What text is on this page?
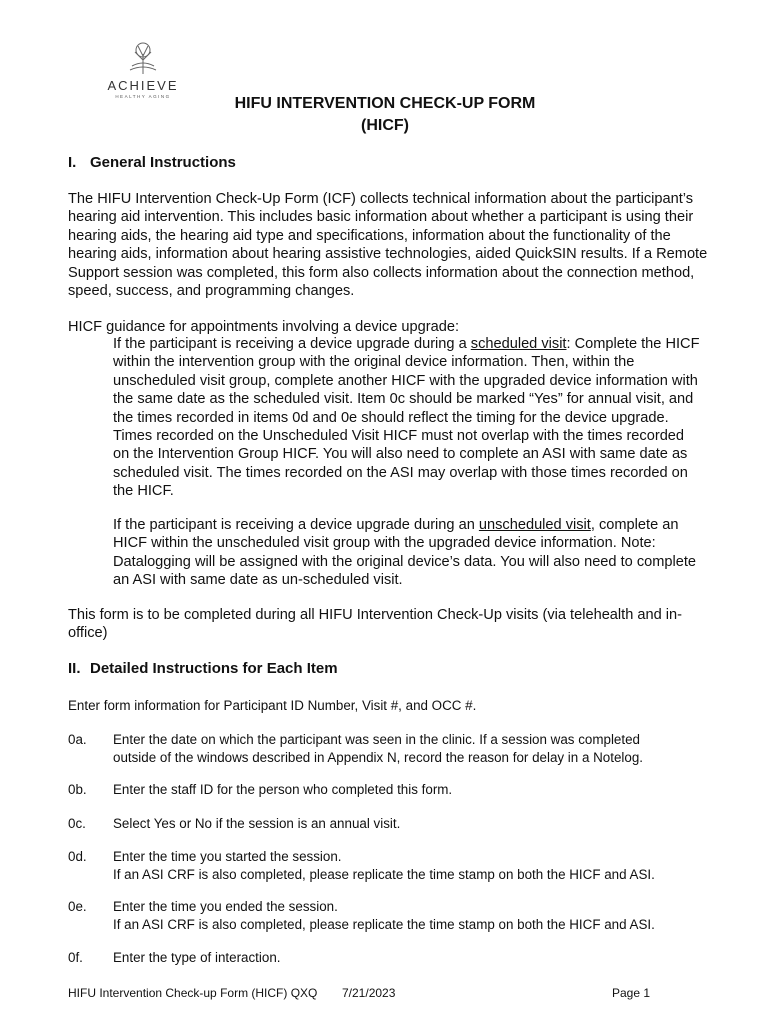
ACHIEVE
HEALTHY AGING	HIFU INTERVENTION CHECK-UP FORM
(HICF)
I. General Instructions

The HIFU Intervention Check-Up Form (ICF) collects technical information about the participant’s hearing aid intervention. This includes basic information about whether a participant is using their hearing aids, the hearing aid type and specifications, information about the functionality of the hearing aids, information about hearing assistive technologies, aided QuickSIN results. If a Remote Support session was completed, this form also collects information about the connection method, speed, success, and programming changes.

HICF guidance for appointments involving a device upgrade:

If the participant is receiving a device upgrade during a scheduled visit: Complete the HICF within the intervention group with the original device information. Then, within the unscheduled visit group, complete another HICF with the upgraded device information with the same date as the scheduled visit. Item 0c should be marked “Yes” for annual visit, and the times recorded in items 0d and 0e should reflect the timing for the device upgrade. Times recorded on the Unscheduled Visit HICF must not overlap with the times recorded on the Intervention Group HICF. You will also need to complete an ASI with same date as scheduled visit. The times recorded on the ASI may overlap with those times recorded on the HICF.

If the participant is receiving a device upgrade during an unscheduled visit, complete an HICF within the unscheduled visit group with the upgraded device information. Note: Datalogging will be assigned with the original device’s data. You will also need to complete an ASI with same date as un-scheduled visit.

This form is to be completed during all HIFU Intervention Check-Up visits (via telehealth and in-office)

II. Detailed Instructions for Each Item

Enter form information for Participant ID Number, Visit #, and OCC #.

0a. Enter the date on which the participant was seen in the clinic. If a session was completed
outside of the windows described in Appendix N, record the reason for delay in a Notelog.
0b. Enter the staff ID for the person who completed this form.
0c. Select Yes or No if the session is an annual visit.
0d. Enter the time you started the session.
If an ASI CRF is also completed, please replicate the time stamp on both the HICF and ASI.
0e. Enter the time you ended the session.
If an ASI CRF is also completed, please replicate the time stamp on both the HICF and ASI.
0f. Enter the type of interaction.
HIFU Intervention Check-up Form (HICF) QXQ 7/21/2023	Page 1
